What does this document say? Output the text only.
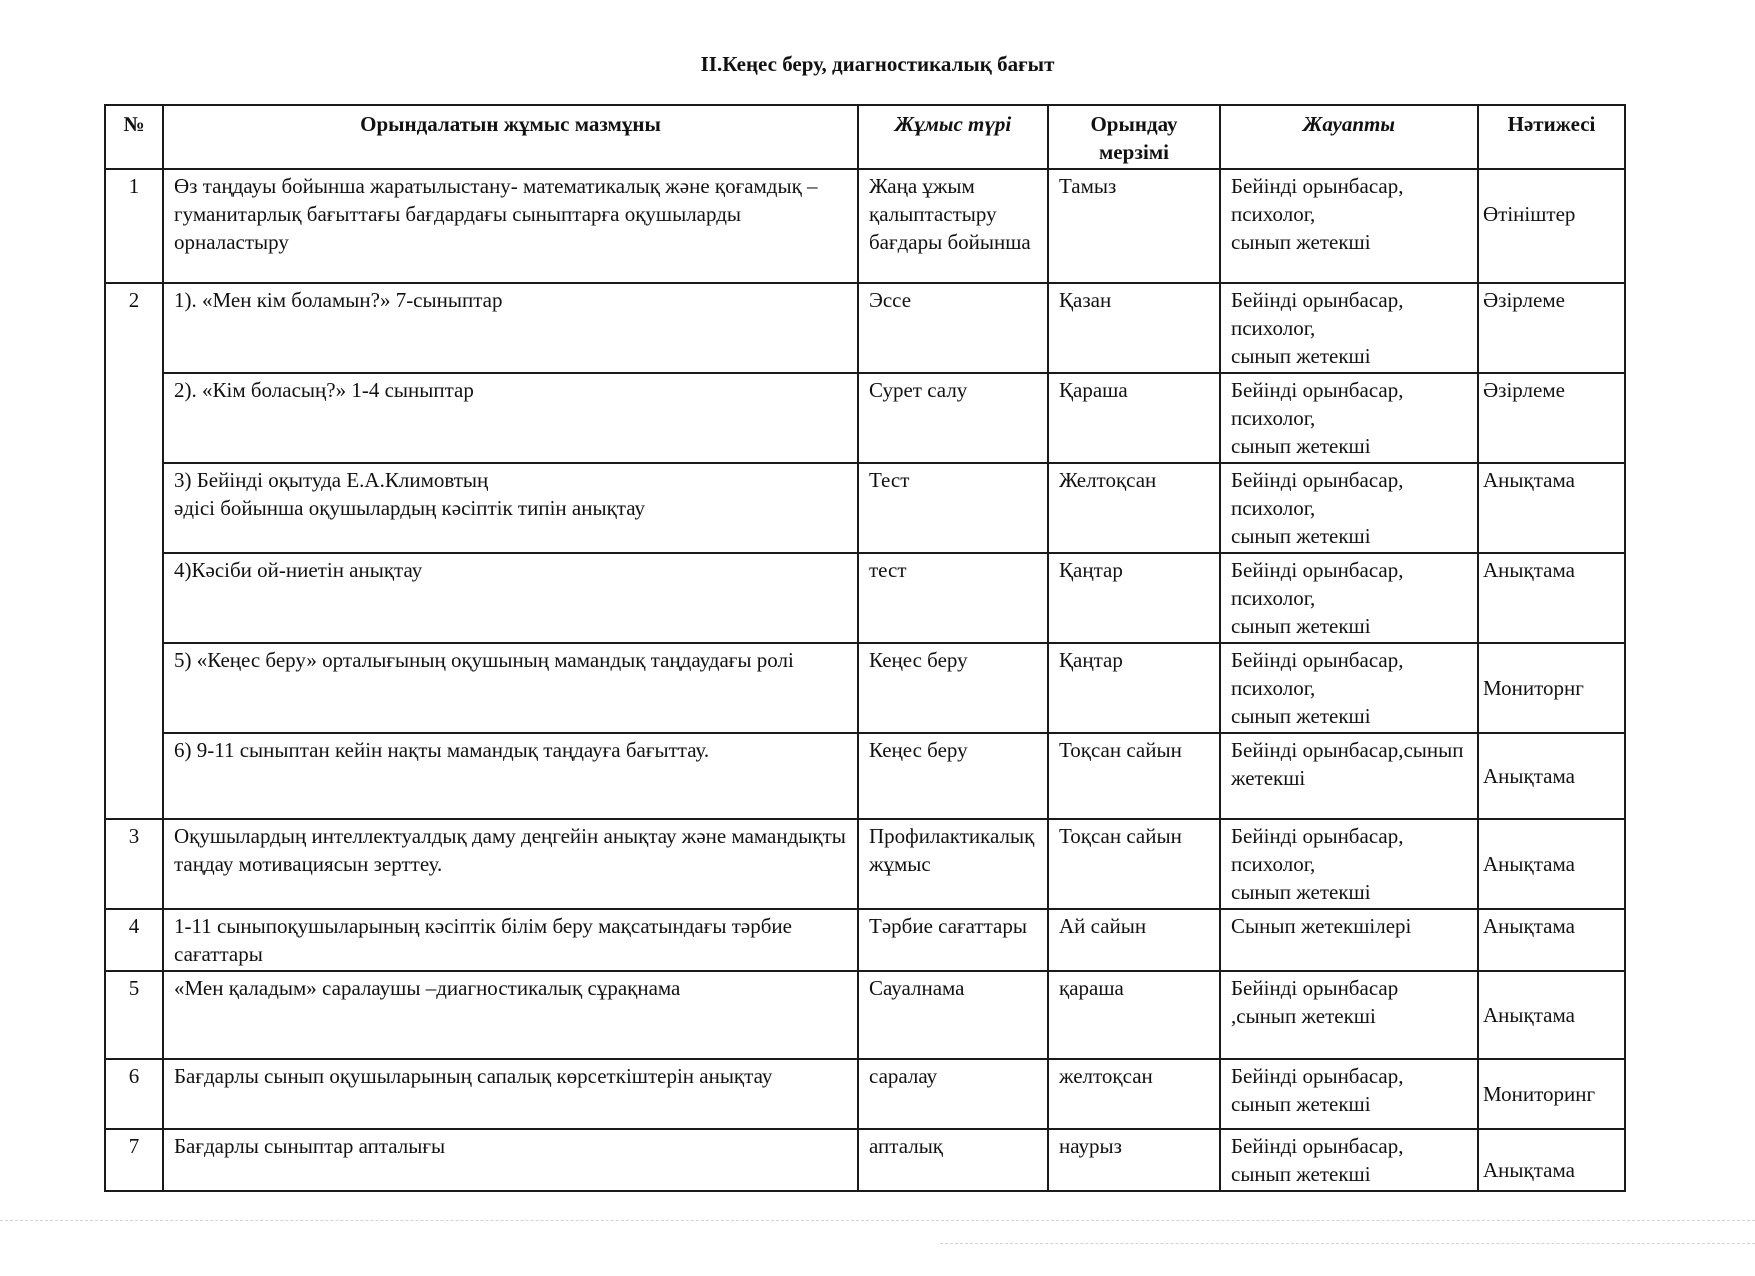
II.Кеңес беру, диагностикалық бағыт
№	Орындалатын жұмыс мазмұны	Жұмыс түрі	Орындау мерзімі	Жауапты	Нәтижесі
1	Өз таңдауы бойынша жаратылыстану- математикалық және қоғамдық – гуманитарлық бағыттағы бағдардағы сыныптарға оқушыларды орналастыру	Жаңа ұжым қалыптастыру бағдары бойынша	Тамыз	Бейінді орынбасар,
психолог,
сынып жетекші	Өтініштер
2	1). «Мен кім боламын?» 7-сыныптар	Эссе	Қазан	Бейінді орынбасар,
психолог,
сынып жетекші	Әзірлеме
	2). «Кім боласың?» 1-4 сыныптар	Сурет салу	Қараша	Бейінді орынбасар,
психолог,
сынып жетекші	Әзірлеме
	3) Бейінді оқытуда Е.А.Климовтың
әдісі бойынша оқушылардың кәсіптік типін анықтау	Тест	Желтоқсан	Бейінді орынбасар,
психолог,
сынып жетекші	Анықтама
	4)Кәсіби ой-ниетін анықтау	тест	Қаңтар	Бейінді орынбасар,
психолог,
сынып жетекші	Анықтама
	5) «Кеңес беру» орталығының оқушының мамандық таңдаудағы ролі	Кеңес беру	Қаңтар	Бейінді орынбасар,
психолог,
сынып жетекші	Мониторнг
	6) 9-11 сыныптан кейін нақты мамандық таңдауға бағыттау.	Кеңес беру	Тоқсан сайын	Бейінді орынбасар,сынып жетекші	Анықтама
3	Оқушылардың интеллектуалдық даму деңгейін анықтау және мамандықты таңдау мотивациясын зерттеу.	Профилактикалық жұмыс	Тоқсан сайын	Бейінді орынбасар,
психолог,
сынып жетекші	Анықтама
4	1-11 сыныпоқушыларының кәсіптік білім беру мақсатындағы тәрбие сағаттары	Тәрбие сағаттары	Ай сайын	Сынып жетекшілері	Анықтама
5	«Мен қаладым» саралаушы –диагностикалық сұрақнама	Сауалнама	қараша	Бейінді орынбасар
,сынып жетекші	Анықтама
6	Бағдарлы сынып оқушыларының сапалық көрсеткіштерін анықтау	саралау	желтоқсан	Бейінді орынбасар,
сынып жетекші	Мониторинг
7	Бағдарлы сыныптар апталығы	апталық	наурыз	Бейінді орынбасар,
сынып жетекші	Анықтама
